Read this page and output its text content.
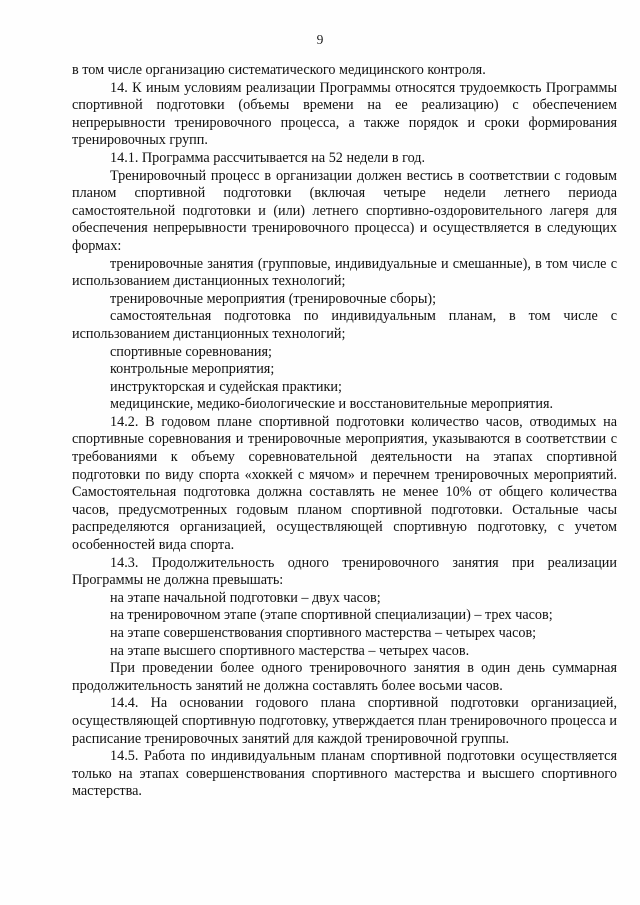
9

в том числе организацию систематического медицинского контроля.

14. К иным условиям реализации Программы относятся трудоемкость Программы спортивной подготовки (объемы времени на ее реализацию) с обеспечением непрерывности тренировочного процесса, а также порядок и сроки формирования тренировочных групп.

14.1. Программа рассчитывается на 52 недели в год.

Тренировочный процесс в организации должен вестись в соответствии с годовым планом спортивной подготовки (включая четыре недели летнего периода самостоятельной подготовки и (или) летнего спортивно-оздоровительного лагеря для обеспечения непрерывности тренировочного процесса) и осуществляется в следующих формах:

тренировочные занятия (групповые, индивидуальные и смешанные), в том числе с использованием дистанционных технологий;

тренировочные мероприятия (тренировочные сборы);

самостоятельная подготовка по индивидуальным планам, в том числе с использованием дистанционных технологий;

спортивные соревнования;

контрольные мероприятия;

инструкторская и судейская практики;

медицинские, медико-биологические и восстановительные мероприятия.

14.2. В годовом плане спортивной подготовки количество часов, отводимых на спортивные соревнования и тренировочные мероприятия, указываются в соответствии с требованиями к объему соревновательной деятельности на этапах спортивной подготовки по виду спорта «хоккей с мячом» и перечнем тренировочных мероприятий. Самостоятельная подготовка должна составлять не менее 10% от общего количества часов, предусмотренных годовым планом спортивной подготовки. Остальные часы распределяются организацией, осуществляющей спортивную подготовку, с учетом особенностей вида спорта.

14.3. Продолжительность одного тренировочного занятия при реализации Программы не должна превышать:

на этапе начальной подготовки – двух часов;

на тренировочном этапе (этапе спортивной специализации) – трех часов;

на этапе совершенствования спортивного мастерства – четырех часов;

на этапе высшего спортивного мастерства – четырех часов.

При проведении более одного тренировочного занятия в один день суммарная продолжительность занятий не должна составлять более восьми часов.

14.4. На основании годового плана спортивной подготовки организацией, осуществляющей спортивную подготовку, утверждается план тренировочного процесса и расписание тренировочных занятий для каждой тренировочной группы.

14.5. Работа по индивидуальным планам спортивной подготовки осуществляется только на этапах совершенствования спортивного мастерства и высшего спортивного мастерства.
